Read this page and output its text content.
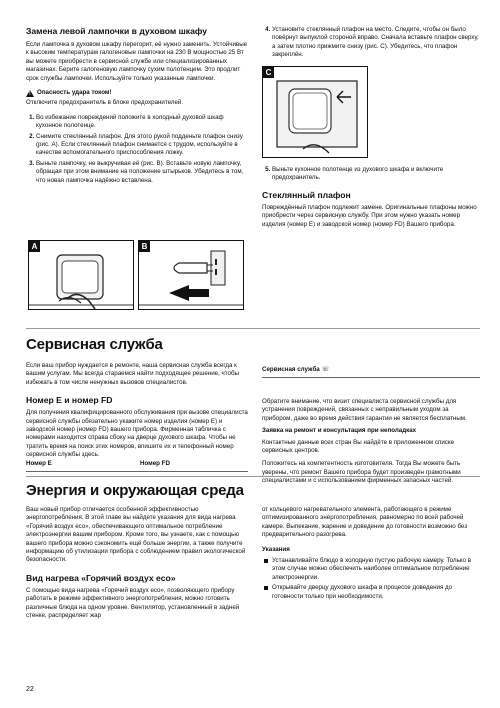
Замена левой лампочки в духовом шкафу

Если лампочка в духовом шкафу перегорит, её нужно заменить. Устойчивые к высоким температурам галогеновые лампочки на 230 В мощностью 25 Вт вы можете приобрести в сервисной службе или специализированных магазинах. Берите галогеновую лампочку сухим полотенцем. Это продлит срок службы лампочки. Используйте только указанные лампочки.

!
Опасность удара током!

Отключите предохранитель в блоке предохранителей.

1. Во избежание повреждений положите в холодный духовой шкаф кухонное полотенце.
2. Снимите стеклянный плафон. Для этого рукой подденьте плафон снизу (рис. A). Если стеклянный плафон снимается с трудом, используйте в качестве вспомогательного приспособления ложку.
3. Выньте лампочку, не выкручивая её (рис. B). Вставьте новую лампочку, обращая при этом внимание на положение штырьков. Убедитесь в том, что новая лампочка надёжно вставлена.
A	B
4. Установите стеклянный плафон на место. Следите, чтобы он было повёрнут выпуклой стороной вправо. Сначала вставьте плафон сверху, а затем плотно прижмите снизу (рис. C). Убедитесь, что плафон закреплён.
C
5. Выньте кухонное полотенце из духового шкафа и включите предохранитель.
Стеклянный плафон

Повреждённый плафон подлежит замене. Оригинальные плафоны можно приобрести через сервисную службу. При этом нужно указать номер изделия (номер E) и заводской номер (номер FD) Вашего прибора.

Сервисная служба

Если ваш прибор нуждается в ремонте, наша сервисная служба всегда к вашим услугам. Мы всегда стараемся найти подходящее решение, чтобы избежать в том числе ненужных вызовов специалистов.

Номер E и номер FD

Для получения квалифицированного обслуживания при вызове специалиста сервисной службы обязательно укажите номер изделия (номер E) и заводской номер (номер FD) вашего прибора. Фирменная табличка с номерами находится справа сбоку на дверце духового шкафа. Чтобы не тратить время на поиск этих номеров, впишите их и телефонный номер сервисной службы здесь.

Номер E	Номер FD
Сервисная служба ☏

Обратите внимание, что визит специалиста сервисной службы для устранения повреждений, связанных с неправильным уходом за прибором, даже во время действия гарантии не является бесплатным.

Заявка на ремонт и консультация при неполадках

Контактные данные всех стран Вы найдёте в приложенном списке сервисных центров.

Положитесь на компетентность изготовителя. Тогда Вы можете быть уверены, что ремонт Вашего прибора будет произведён грамотными специалистами и с использованием фирменных запасных частей.

Энергия и окружающая среда

Ваш новый прибор отличается особенной эффективностью энергопотребления. В этой главе вы найдете указания для вида нагрева «Горячий воздух eco», обеспечивающего оптимальное потребление электроэнергии вашим прибором. Кроме того, вы узнаете, как с помощью вашего прибора можно сэкономить ещё больше энергии, а также получите информацию об утилизации прибора с соблюдением правил экологической безопасности.

Вид нагрева «Горячий воздух eco»

С помощью вида нагрева «Горячий воздух eco», позволяющего прибору работать в режиме эффективного энергопотребления, можно готовить различные блюда на одном уровне. Вентилятор, установленный в задней стенке, распределяет жар

от кольцевого нагревательного элемента, работающего в режиме оптимизированного энергопотребления, равномерно по всей рабочей камере. Выпекание, жарение и доведение до готовности возможно без предварительного разогрева.

Указания
Устанавливайте блюдо в холодную пустую рабочую камеру. Только в этом случае можно обеспечить наиболее оптимальное потребление электроэнергии.
Открывайте дверцу духового шкафа в процессе доведения до готовности только при необходимости.
22
